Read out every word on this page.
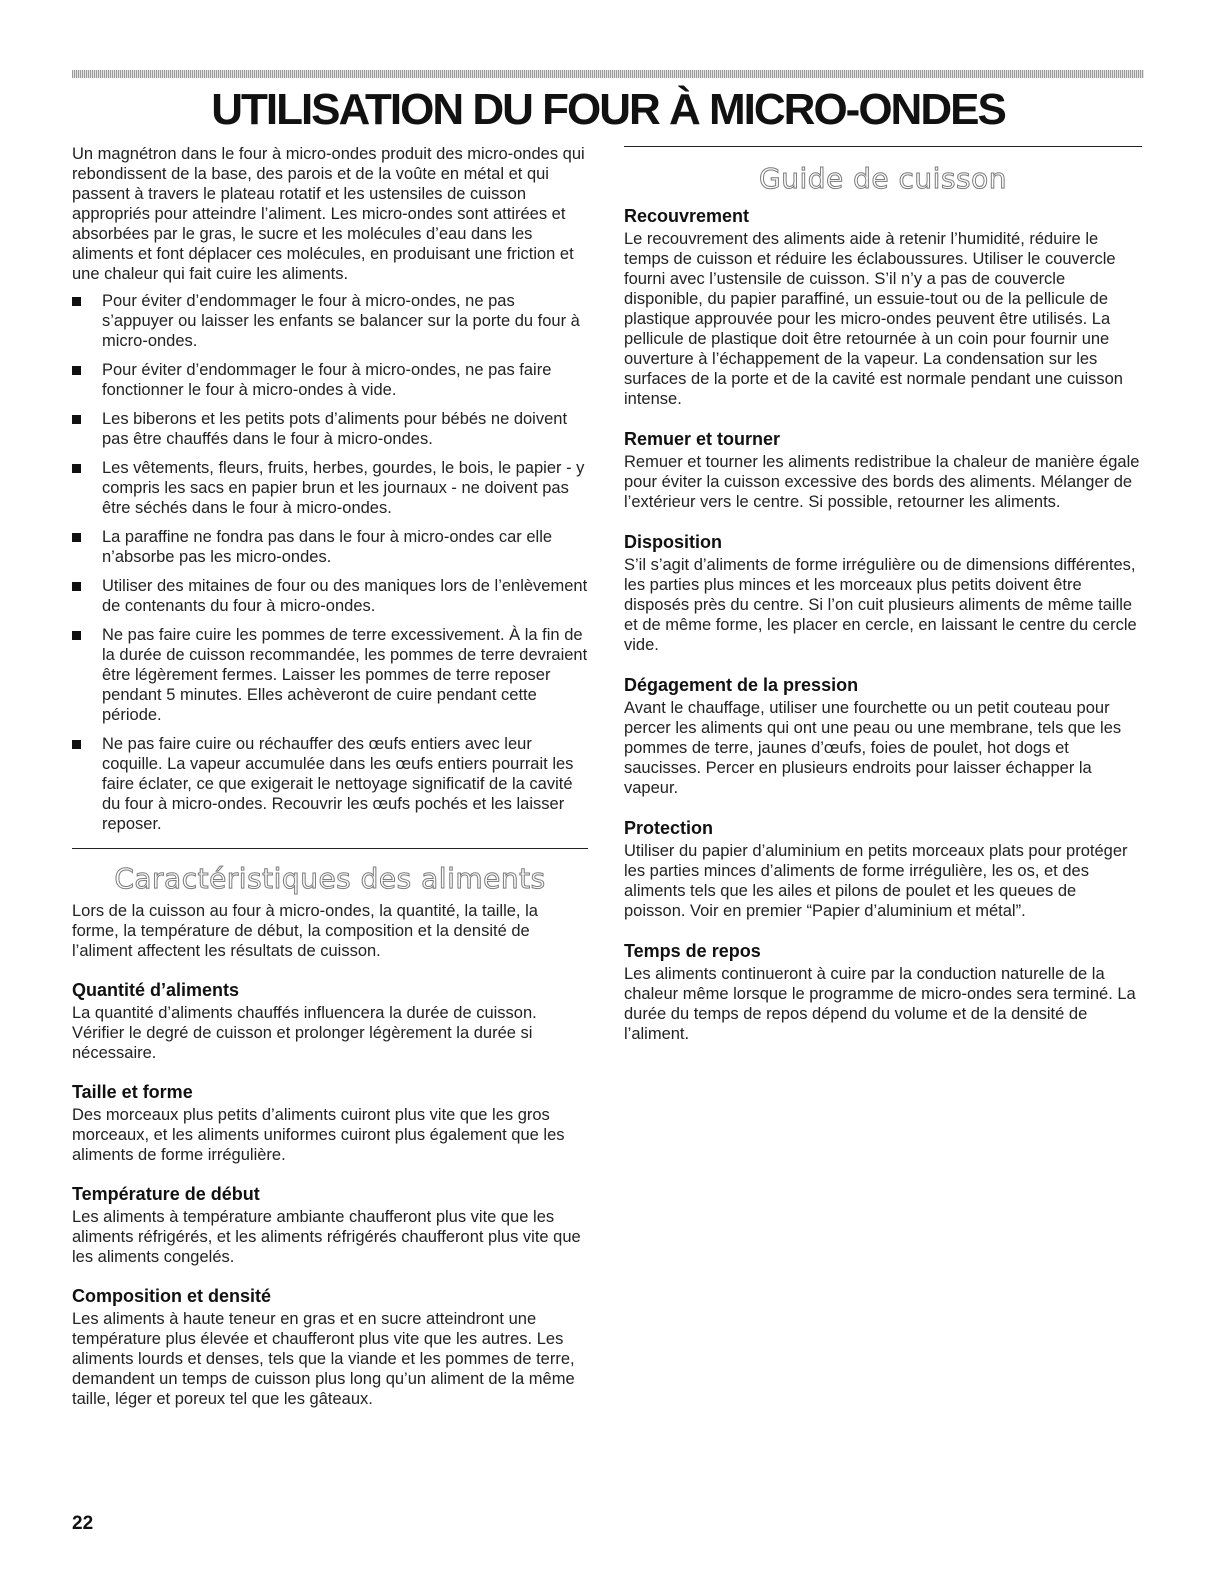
UTILISATION DU FOUR À MICRO-ONDES

Un magnétron dans le four à micro-ondes produit des micro-ondes qui rebondissent de la base, des parois et de la voûte en métal et qui passent à travers le plateau rotatif et les ustensiles de cuisson appropriés pour atteindre l’aliment. Les micro-ondes sont attirées et absorbées par le gras, le sucre et les molécules d’eau dans les aliments et font déplacer ces molécules, en produisant une friction et une chaleur qui fait cuire les aliments.

Pour éviter d’endommager le four à micro-ondes, ne pas s’appuyer ou laisser les enfants se balancer sur la porte du four à micro-ondes.
Pour éviter d’endommager le four à micro-ondes, ne pas faire fonctionner le four à micro-ondes à vide.
Les biberons et les petits pots d’aliments pour bébés ne doivent pas être chauffés dans le four à micro-ondes.
Les vêtements, fleurs, fruits, herbes, gourdes, le bois, le papier - y compris les sacs en papier brun et les journaux - ne doivent pas être séchés dans le four à micro-ondes.
La paraffine ne fondra pas dans le four à micro-ondes car elle n’absorbe pas les micro-ondes.
Utiliser des mitaines de four ou des maniques lors de l’enlèvement de contenants du four à micro-ondes.
Ne pas faire cuire les pommes de terre excessivement. À la fin de la durée de cuisson recommandée, les pommes de terre devraient être légèrement fermes. Laisser les pommes de terre reposer pendant 5 minutes. Elles achèveront de cuire pendant cette période.
Ne pas faire cuire ou réchauffer des œufs entiers avec leur coquille. La vapeur accumulée dans les œufs entiers pourrait les faire éclater, ce que exigerait le nettoyage significatif de la cavité du four à micro-ondes. Recouvrir les œufs pochés et les laisser reposer.
Caractéristiques des aliments

Lors de la cuisson au four à micro-ondes, la quantité, la taille, la forme, la température de début, la composition et la densité de l’aliment affectent les résultats de cuisson.

Quantité d’aliments

La quantité d’aliments chauffés influencera la durée de cuisson. Vérifier le degré de cuisson et prolonger légèrement la durée si nécessaire.

Taille et forme

Des morceaux plus petits d’aliments cuiront plus vite que les gros morceaux, et les aliments uniformes cuiront plus également que les aliments de forme irrégulière.

Température de début

Les aliments à température ambiante chaufferont plus vite que les aliments réfrigérés, et les aliments réfrigérés chaufferont plus vite que les aliments congelés.

Composition et densité

Les aliments à haute teneur en gras et en sucre atteindront une température plus élevée et chaufferont plus vite que les autres. Les aliments lourds et denses, tels que la viande et les pommes de terre, demandent un temps de cuisson plus long qu’un aliment de la même taille, léger et poreux tel que les gâteaux.

Guide de cuisson
Recouvrement

Le recouvrement des aliments aide à retenir l’humidité, réduire le temps de cuisson et réduire les éclaboussures. Utiliser le couvercle fourni avec l’ustensile de cuisson. S’il n’y a pas de couvercle disponible, du papier paraffiné, un essuie-tout ou de la pellicule de plastique approuvée pour les micro-ondes peuvent être utilisés. La pellicule de plastique doit être retournée à un coin pour fournir une ouverture à l’échappement de la vapeur. La condensation sur les surfaces de la porte et de la cavité est normale pendant une cuisson intense.

Remuer et tourner

Remuer et tourner les aliments redistribue la chaleur de manière égale pour éviter la cuisson excessive des bords des aliments. Mélanger de l’extérieur vers le centre. Si possible, retourner les aliments.

Disposition

S’il s’agit d’aliments de forme irrégulière ou de dimensions différentes, les parties plus minces et les morceaux plus petits doivent être disposés près du centre. Si l’on cuit plusieurs aliments de même taille et de même forme, les placer en cercle, en laissant le centre du cercle vide.

Dégagement de la pression

Avant le chauffage, utiliser une fourchette ou un petit couteau pour percer les aliments qui ont une peau ou une membrane, tels que les pommes de terre, jaunes d’œufs, foies de poulet, hot dogs et saucisses. Percer en plusieurs endroits pour laisser échapper la vapeur.

Protection

Utiliser du papier d’aluminium en petits morceaux plats pour protéger les parties minces d’aliments de forme irrégulière, les os, et des aliments tels que les ailes et pilons de poulet et les queues de poisson. Voir en premier “Papier d’aluminium et métal”.

Temps de repos

Les aliments continueront à cuire par la conduction naturelle de la chaleur même lorsque le programme de micro-ondes sera terminé. La durée du temps de repos dépend du volume et de la densité de l’aliment.

22
